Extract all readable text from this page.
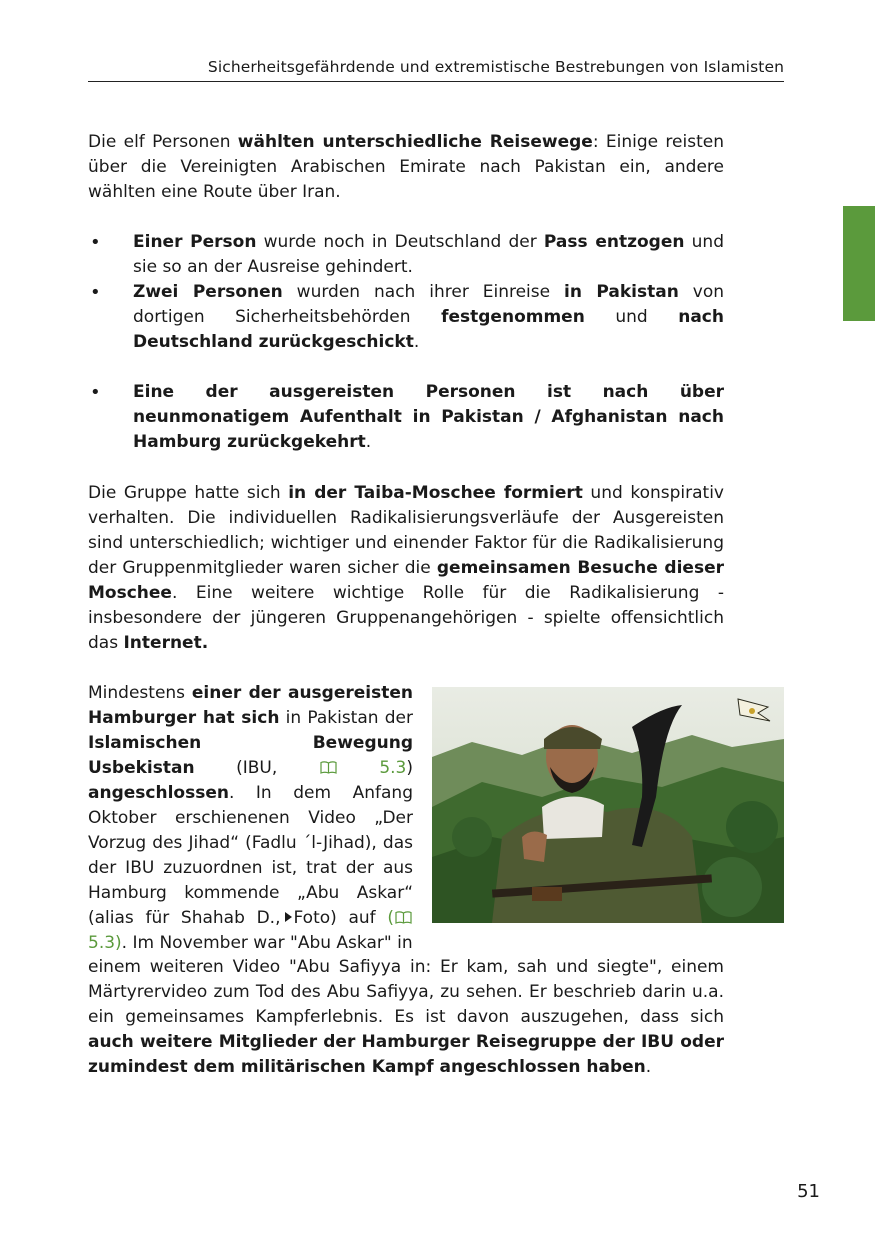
Sicherheitsgefährdende und extremistische Bestrebungen von Islamisten
Die elf Personen wählten unterschiedliche Reisewege: Einige reisten über die Vereinigten Arabischen Emirate nach Pakistan ein, andere wählten eine Route über Iran.
• Einer Person wurde noch in Deutschland der Pass entzogen und sie so an der Ausreise gehindert.
• Zwei Personen wurden nach ihrer Einreise in Pakistan von dortigen Sicherheitsbehörden festgenommen und nach Deutschland zurückgeschickt.
• Eine der ausgereisten Personen ist nach über neunmonatigem Aufenthalt in Pakistan / Afghanistan nach Hamburg zurückgekehrt.
Die Gruppe hatte sich in der Taiba-Moschee formiert und konspirativ verhalten. Die individuellen Radikalisierungsverläufe der Ausgereisten sind unterschiedlich; wichtiger und einender Faktor für die Radikalisierung der Gruppenmitglieder waren sicher die gemeinsamen Besuche dieser Moschee. Eine weitere wichtige Rolle für die Radikalisierung - insbesondere der jüngeren Gruppenangehörigen - spielte offensichtlich das Internet.
Mindestens einer der ausgereisten Hamburger hat sich in Pakistan der Islamischen Bewegung Usbekistan (IBU,	5.3) angeschlossen. In dem Anfang Oktober erschienenen Video „Der Vorzug des Jihad“ (Fadlu ´l-Jihad), das der IBU zuzuordnen ist, trat der aus Hamburg kommende „Abu Askar“ (alias für Shahab D., Foto) auf (
5.3). Im November war "Abu Askar" in
einem weiteren Video "Abu Safiyya in: Er kam, sah und siegte", einem Märtyrervideo zum Tod des Abu Safiyya, zu sehen. Er beschrieb darin u.a. ein gemeinsames Kampferlebnis. Es ist davon auszugehen, dass sich auch weitere Mitglieder der Hamburger Reisegruppe der IBU oder zumindest dem militärischen Kampf angeschlossen haben.
51
